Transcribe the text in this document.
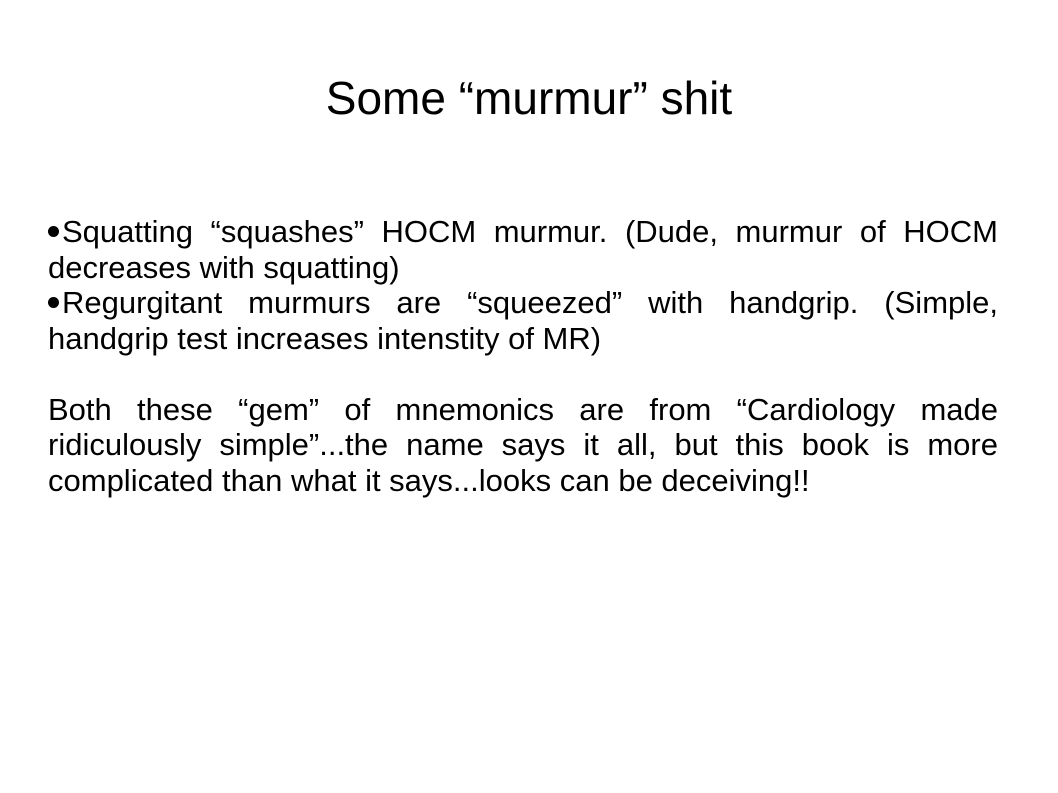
Some “murmur” shit

Squatting “squashes” HOCM murmur. (Dude, murmur of HOCM decreases with squatting)

Regurgitant murmurs are “squeezed” with handgrip. (Simple, handgrip test increases intenstity of MR)

Both these “gem” of mnemonics are from “Cardiology made ridiculously simple”...the name says it all, but this book is more complicated than what it says...looks can be deceiving!!
